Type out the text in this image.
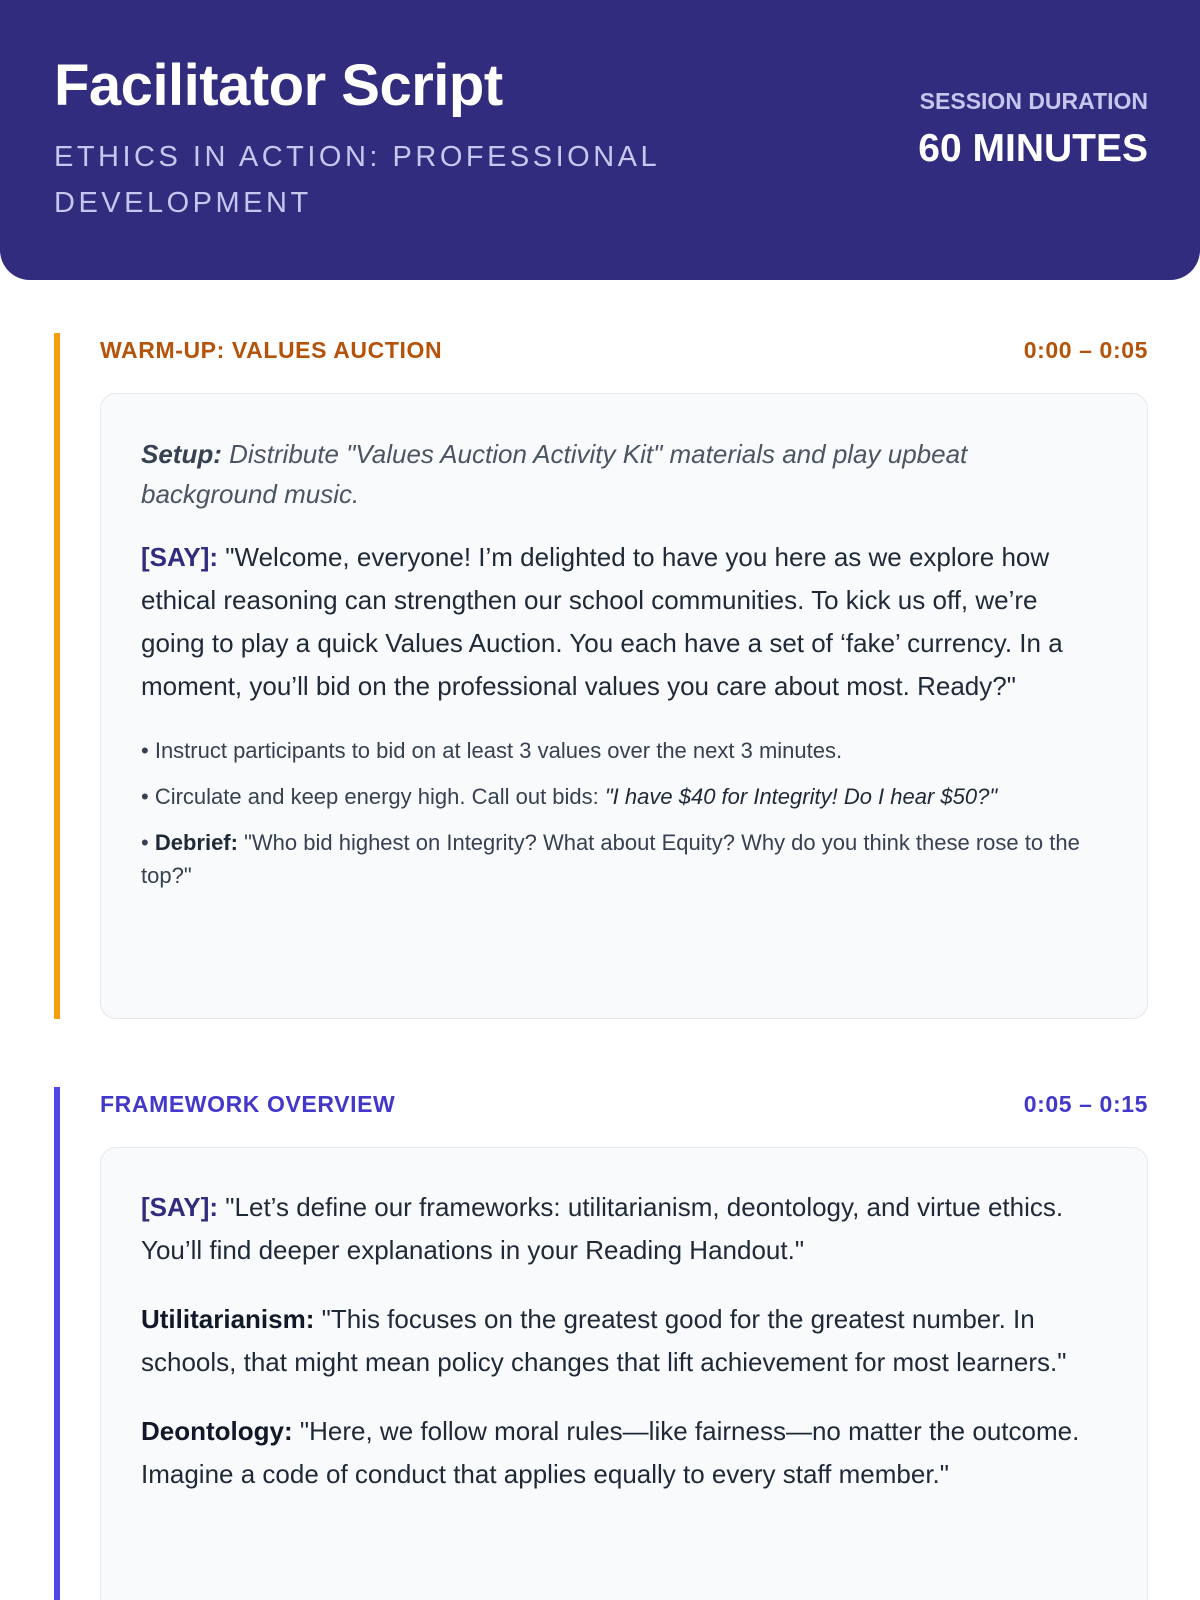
Facilitator Script
ETHICS IN ACTION: PROFESSIONAL DEVELOPMENT
SESSION DURATION
60 MINUTES
WARM-UP: VALUES AUCTION	0:00 – 0:05

Setup: Distribute "Values Auction Activity Kit" materials and play upbeat background music.

[SAY]: "Welcome, everyone! I’m delighted to have you here as we explore how ethical reasoning can strengthen our school communities. To kick us off, we’re going to play a quick Values Auction. You each have a set of ‘fake’ currency. In a moment, you’ll bid on the professional values you care about most. Ready?"

• Instruct participants to bid on at least 3 values over the next 3 minutes.

• Circulate and keep energy high. Call out bids: "I have $40 for Integrity! Do I hear $50?"

• Debrief: "Who bid highest on Integrity? What about Equity? Why do you think these rose to the top?"

FRAMEWORK OVERVIEW	0:05 – 0:15

[SAY]: "Let’s define our frameworks: utilitarianism, deontology, and virtue ethics. You’ll find deeper explanations in your Reading Handout."

Utilitarianism: "This focuses on the greatest good for the greatest number. In schools, that might mean policy changes that lift achievement for most learners."

Deontology: "Here, we follow moral rules—like fairness—no matter the outcome. Imagine a code of conduct that applies equally to every staff member."
